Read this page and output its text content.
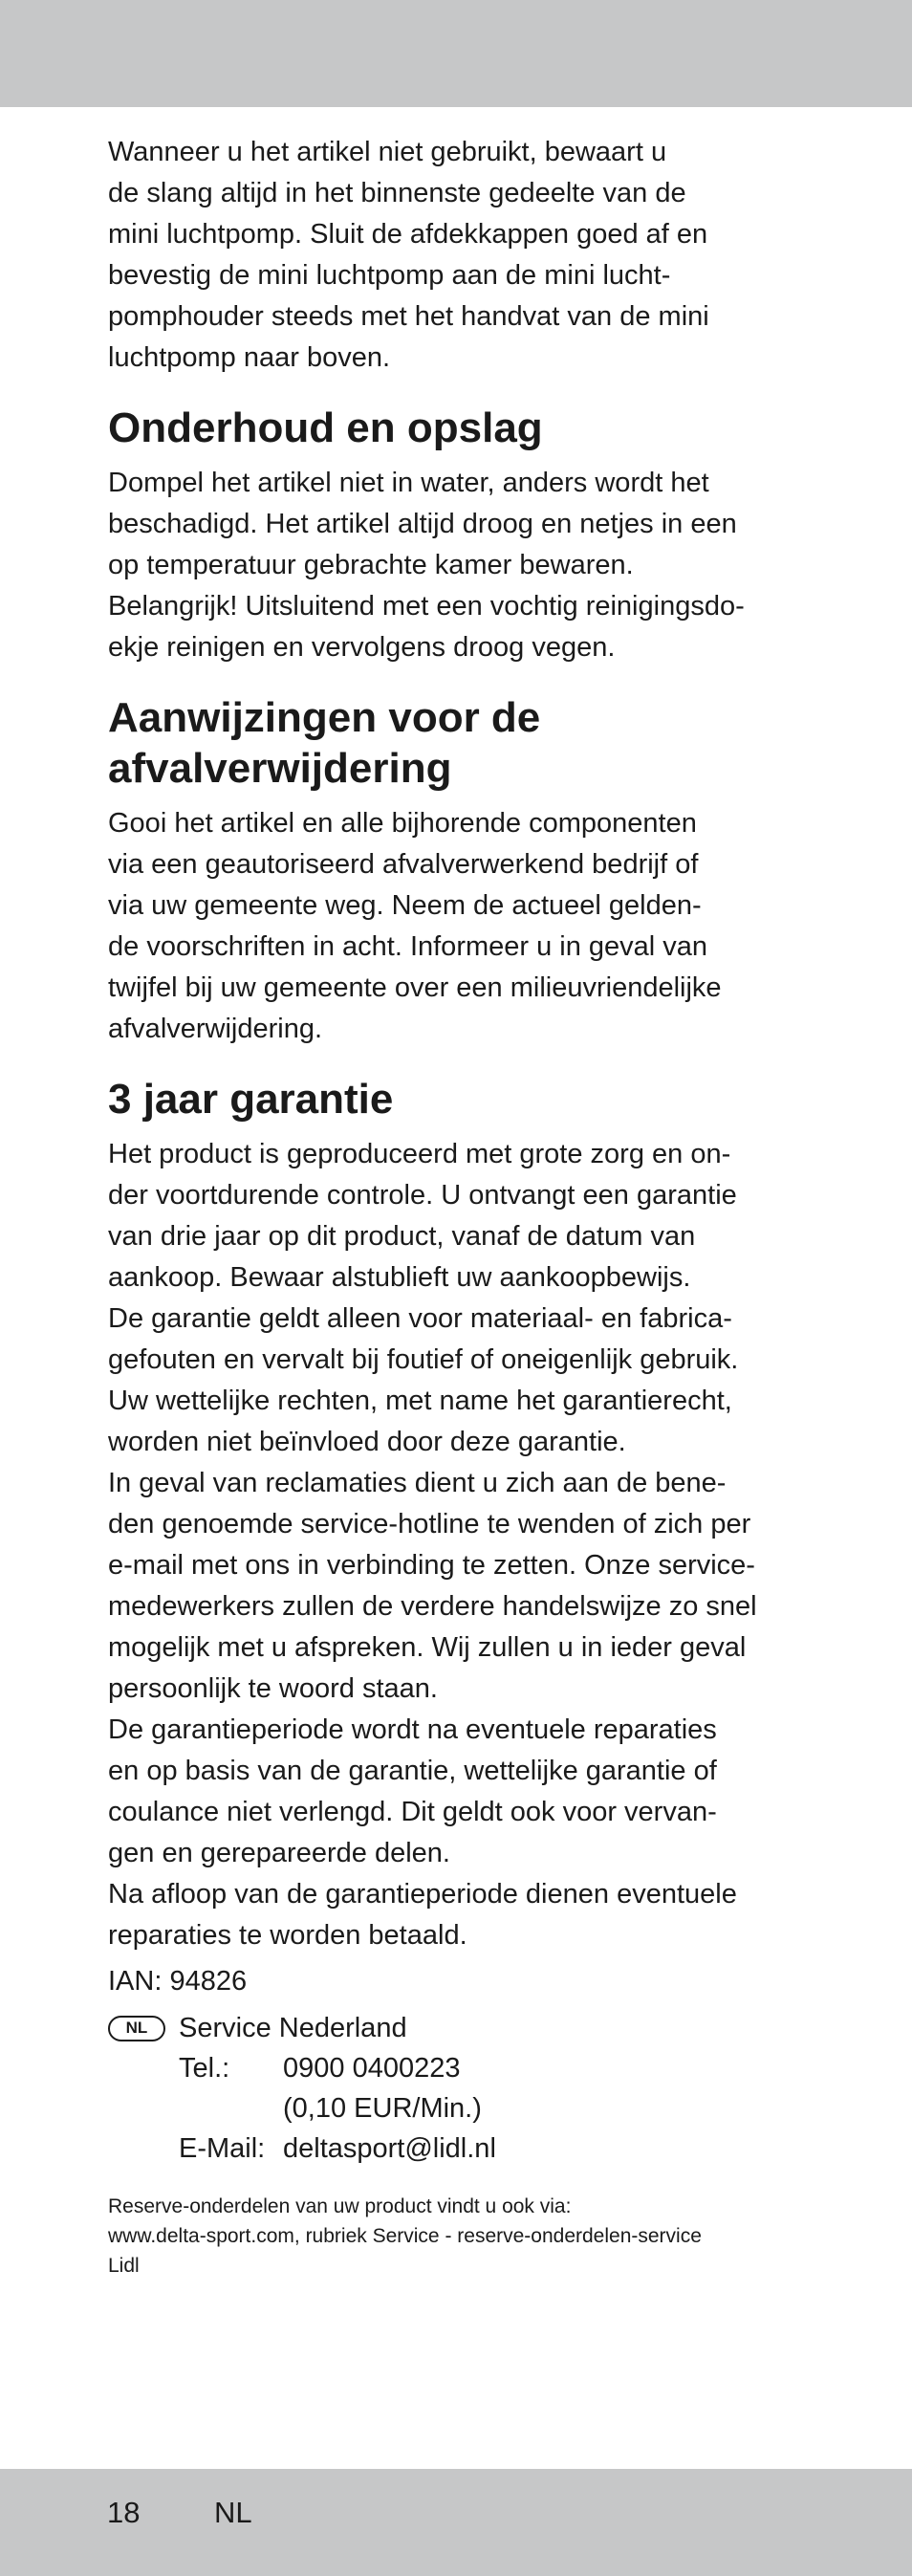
Wanneer u het artikel niet gebruikt, bewaart u
de slang altijd in het binnenste gedeelte van de
mini luchtpomp. Sluit de afdekkappen goed af en
bevestig de mini luchtpomp aan de mini lucht-
pomphouder steeds met het handvat van de mini
luchtpomp naar boven.

Onderhoud en opslag

Dompel het artikel niet in water, anders wordt het
beschadigd. Het artikel altijd droog en netjes in een
op temperatuur gebrachte kamer bewaren.
Belangrijk! Uitsluitend met een vochtig reinigingsdo-
ekje reinigen en vervolgens droog vegen.

Aanwijzingen voor de
afvalverwijdering

Gooi het artikel en alle bijhorende componenten
via een geautoriseerd afvalverwerkend bedrijf of
via uw gemeente weg. Neem de actueel gelden-
de voorschriften in acht. Informeer u in geval van
twijfel bij uw gemeente over een milieuvriendelijke
afvalverwijdering.

3 jaar garantie

Het product is geproduceerd met grote zorg en on-
der voortdurende controle. U ontvangt een garantie
van drie jaar op dit product, vanaf de datum van
aankoop. Bewaar alstublieft uw aankoopbewijs.
De garantie geldt alleen voor materiaal- en fabrica-
gefouten en vervalt bij foutief of oneigenlijk gebruik.
Uw wettelijke rechten, met name het garantierecht,
worden niet beïnvloed door deze garantie.
In geval van reclamaties dient u zich aan de bene-
den genoemde service-hotline te wenden of zich per
e-mail met ons in verbinding te zetten. Onze service-
medewerkers zullen de verdere handelswijze zo snel
mogelijk met u afspreken. Wij zullen u in ieder geval
persoonlijk te woord staan.
De garantieperiode wordt na eventuele reparaties
en op basis van de garantie, wettelijke garantie of
coulance niet verlengd. Dit geldt ook voor vervan-
gen en gerepareerde delen.
Na afloop van de garantieperiode dienen eventuele
reparaties te worden betaald.

IAN: 94826
NL	Service Nederland
Tel.: 0900 0400223
(0,10 EUR/Min.)
E-Mail: deltasport@lidl.nl

Reserve-onderdelen van uw product vindt u ook via:
www.delta-sport.com, rubriek Service - reserve-onderdelen-service
Lidl

18	NL
